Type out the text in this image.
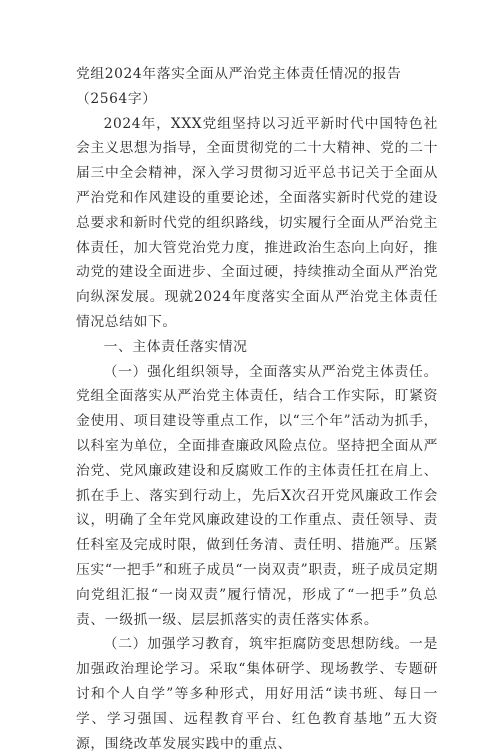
党组2024年落实全面从严治党主体责任情况的报告（2564字）

2024年，XXX党组坚持以习近平新时代中国特色社会主义思想为指导，全面贯彻党的二十大精神、党的二十届三中全会精神，深入学习贯彻习近平总书记关于全面从严治党和作风建设的重要论述，全面落实新时代党的建设总要求和新时代党的组织路线，切实履行全面从严治党主体责任，加大管党治党力度，推进政治生态向上向好，推动党的建设全面进步、全面过硬，持续推动全面从严治党向纵深发展。现就2024年度落实全面从严治党主体责任情况总结如下。

一、主体责任落实情况

（一）强化组织领导，全面落实从严治党主体责任。党组全面落实从严治党主体责任，结合工作实际，盯紧资金使用、项目建设等重点工作，以“三个年”活动为抓手，以科室为单位，全面排查廉政风险点位。坚持把全面从严治党、党风廉政建设和反腐败工作的主体责任扛在肩上、抓在手上、落实到行动上，先后X次召开党风廉政工作会议，明确了全年党风廉政建设的工作重点、责任领导、责任科室及完成时限，做到任务清、责任明、措施严。压紧压实“一把手”和班子成员“一岗双责”职责，班子成员定期向党组汇报“一岗双责”履行情况，形成了“一把手”负总责、一级抓一级、层层抓落实的责任落实体系。

（二）加强学习教育，筑牢拒腐防变思想防线。一是加强政治理论学习。采取“集体研学、现场教学、专题研讨和个人自学”等多种形式，用好用活“读书班、每日一学、学习强国、远程教育平台、红色教育基地”五大资源，围绕改革发展实践中的重点、
